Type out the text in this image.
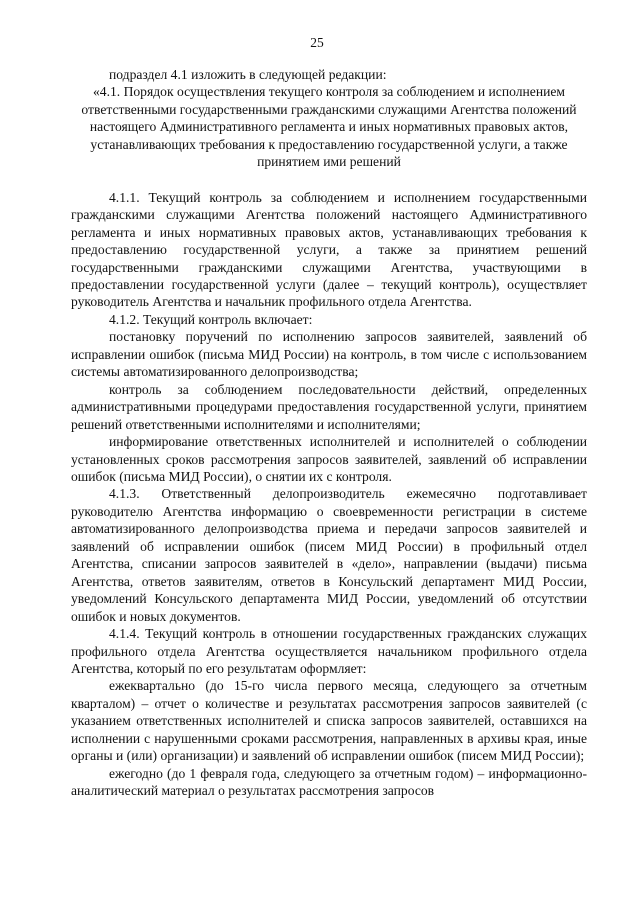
25

подраздел 4.1 изложить в следующей редакции:

«4.1. Порядок осуществления текущего контроля за соблюдением и исполнением ответственными государственными гражданскими служащими Агентства положений настоящего Административного регламента и иных нормативных правовых актов, устанавливающих требования к предоставлению государственной услуги, а также принятием ими решений

4.1.1. Текущий контроль за соблюдением и исполнением государственными гражданскими служащими Агентства положений настоящего Административного регламента и иных нормативных правовых актов, устанавливающих требования к предоставлению государственной услуги, а также за принятием решений государственными гражданскими служащими Агентства, участвующими в предоставлении государственной услуги (далее – текущий контроль), осуществляет руководитель Агентства и начальник профильного отдела Агентства.

4.1.2. Текущий контроль включает:

постановку поручений по исполнению запросов заявителей, заявлений об исправлении ошибок (письма МИД России) на контроль, в том числе с использованием системы автоматизированного делопроизводства;

контроль за соблюдением последовательности действий, определенных административными процедурами предоставления государственной услуги, принятием решений ответственными исполнителями и исполнителями;

информирование ответственных исполнителей и исполнителей о соблюдении установленных сроков рассмотрения запросов заявителей, заявлений об исправлении ошибок (письма МИД России), о снятии их с контроля.

4.1.3. Ответственный делопроизводитель ежемесячно подготавливает руководителю Агентства информацию о своевременности регистрации в системе автоматизированного делопроизводства приема и передачи запросов заявителей и заявлений об исправлении ошибок (писем МИД России) в профильный отдел Агентства, списании запросов заявителей в «дело», направлении (выдачи) письма Агентства, ответов заявителям, ответов в Консульский департамент МИД России, уведомлений Консульского департамента МИД России, уведомлений об отсутствии ошибок и новых документов.

4.1.4. Текущий контроль в отношении государственных гражданских служащих профильного отдела Агентства осуществляется начальником профильного отдела Агентства, который по его результатам оформляет:

ежеквартально (до 15-го числа первого месяца, следующего за отчетным кварталом) – отчет о количестве и результатах рассмотрения запросов заявителей (с указанием ответственных исполнителей и списка запросов заявителей, оставшихся на исполнении с нарушенными сроками рассмотрения, направленных в архивы края, иные органы и (или) организации) и заявлений об исправлении ошибок (писем МИД России);

ежегодно (до 1 февраля года, следующего за отчетным годом) – информационно-аналитический материал о результатах рассмотрения запросов
